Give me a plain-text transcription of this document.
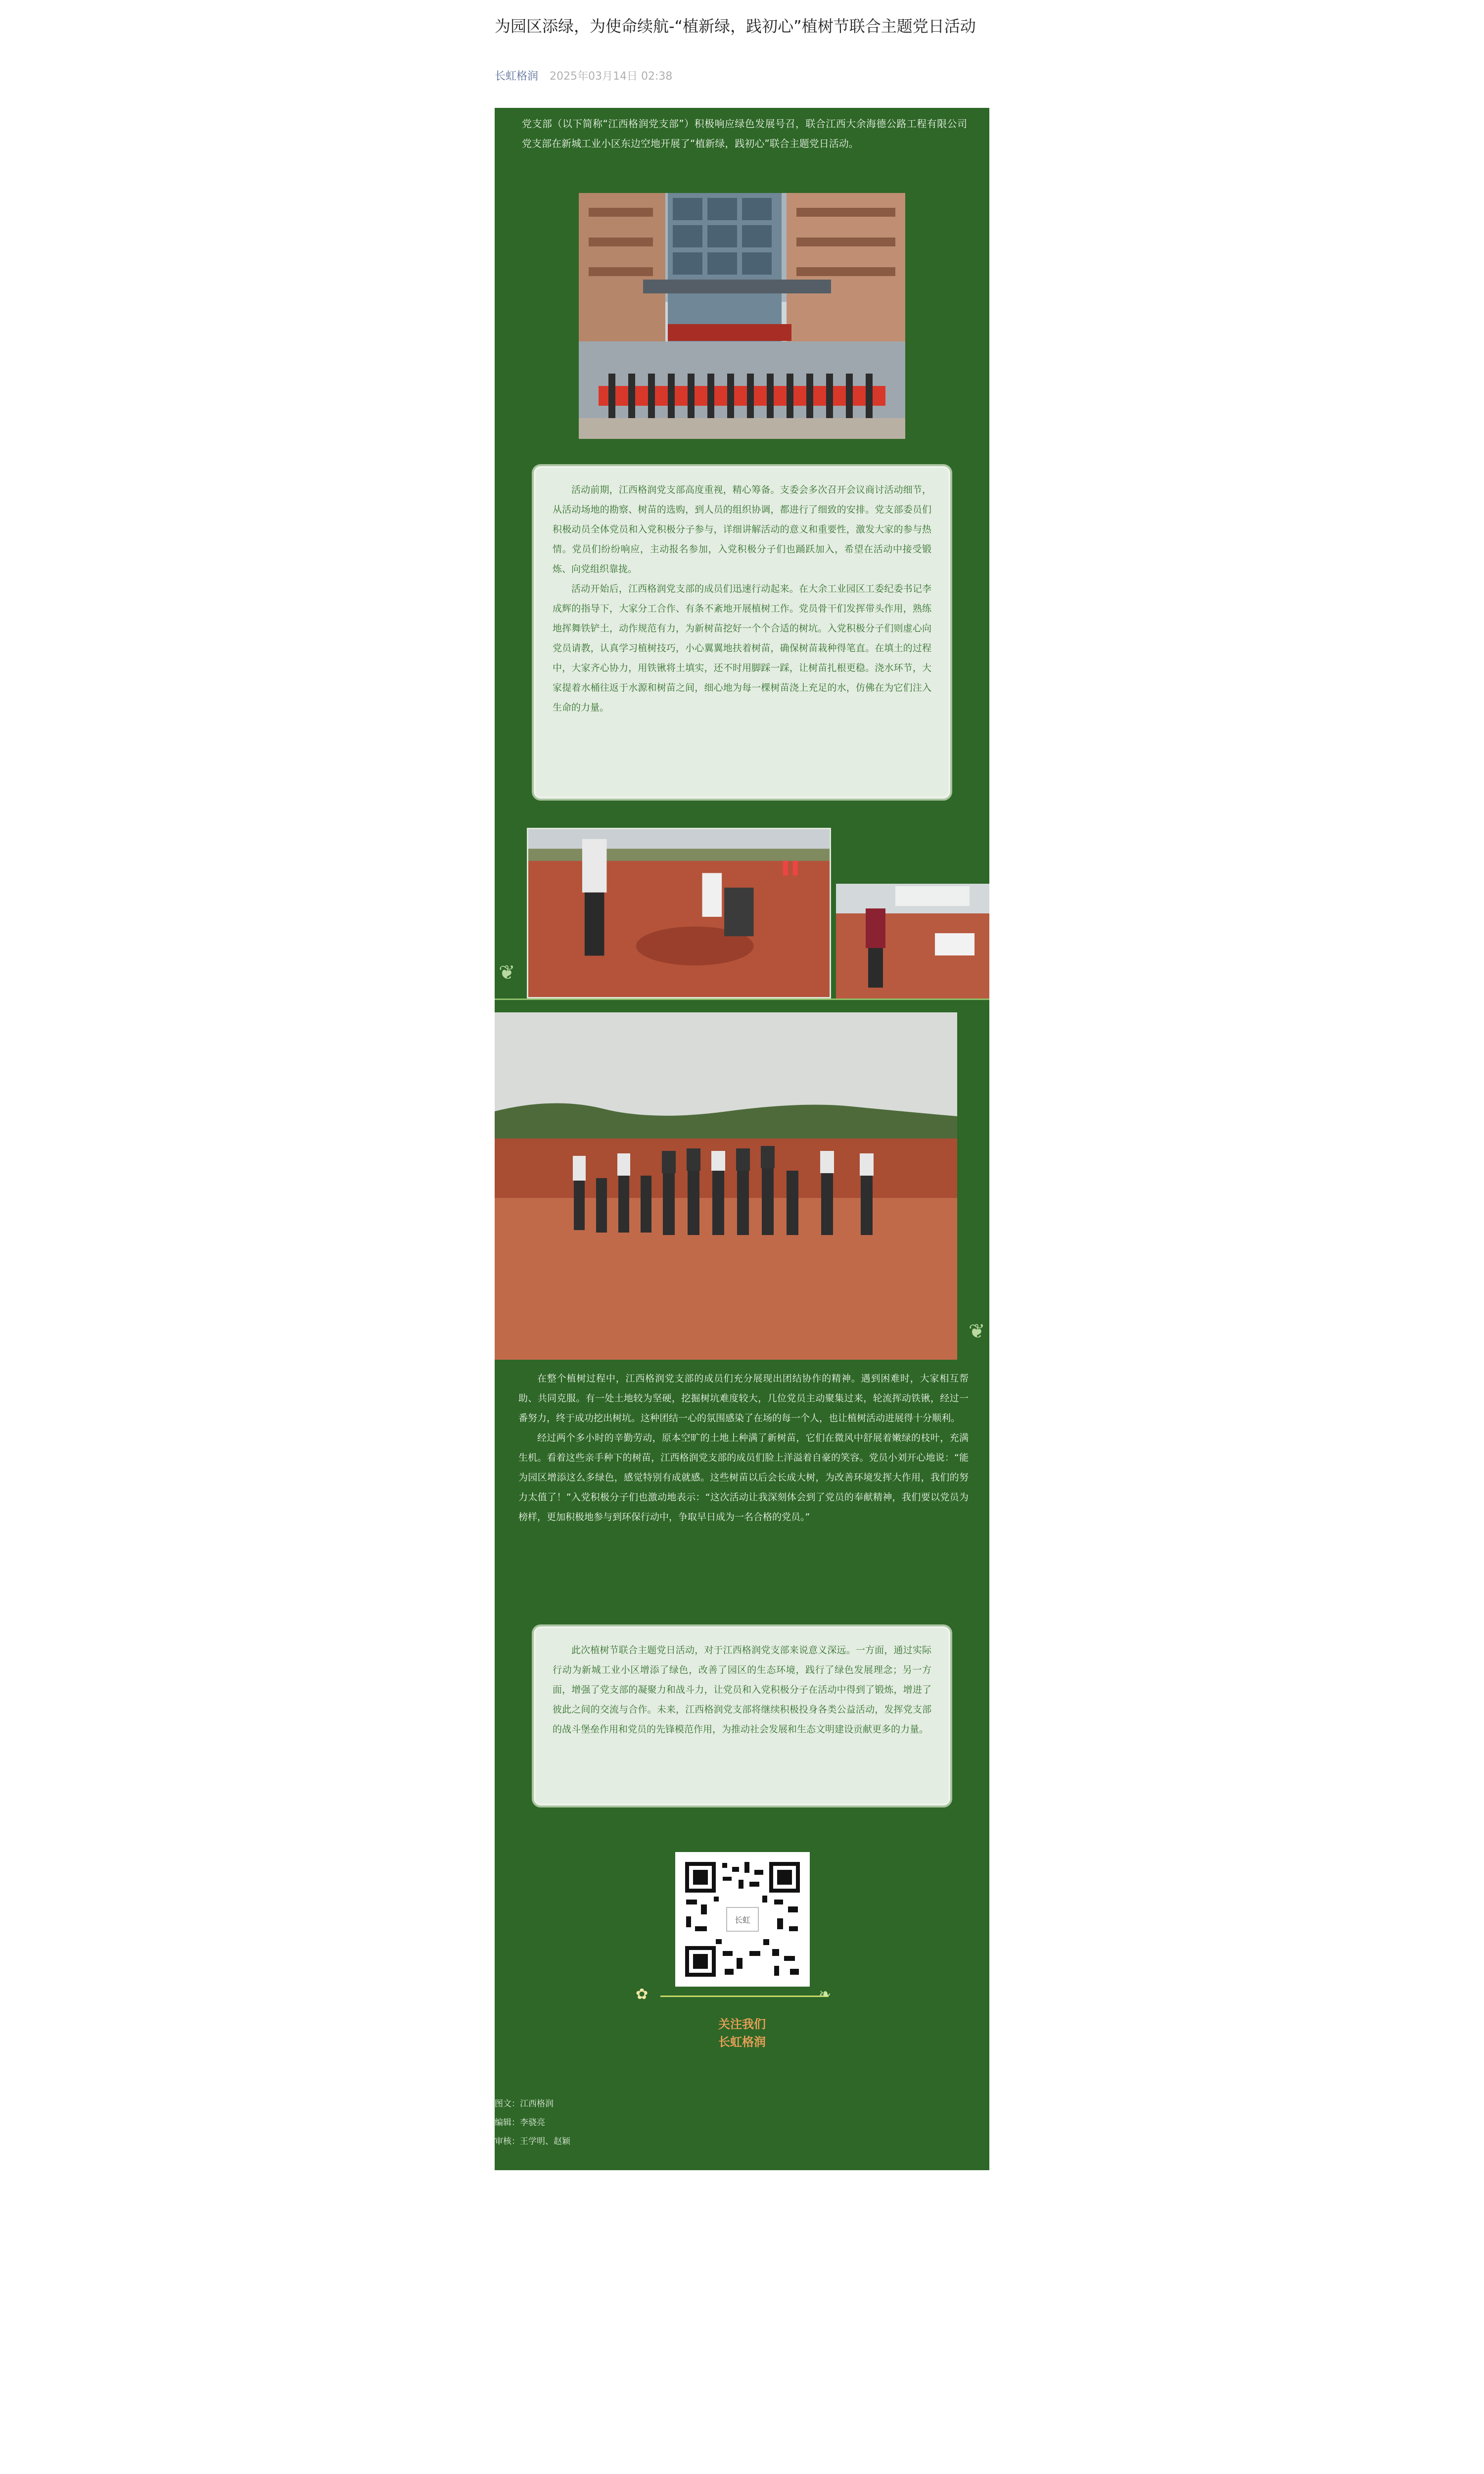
为园区添绿，为使命续航-“植新绿，践初心”植树节联合主题党日活动
长虹格润 2025年03月14日 02:38

党支部（以下简称“江西格润党支部”）积极响应绿色发展号召，联合江西大余海德公路工程有限公司党支部在新城工业小区东边空地开展了“植新绿，践初心”联合主题党日活动。

活动前期，江西格润党支部高度重视，精心筹备。支委会多次召开会议商讨活动细节，从活动场地的勘察、树苗的选购，到人员的组织协调，都进行了细致的安排。党支部委员们积极动员全体党员和入党积极分子参与，详细讲解活动的意义和重要性，激发大家的参与热情。党员们纷纷响应，主动报名参加，入党积极分子们也踊跃加入，希望在活动中接受锻炼、向党组织靠拢。

活动开始后，江西格润党支部的成员们迅速行动起来。在大余工业园区工委纪委书记李成辉的指导下，大家分工合作、有条不紊地开展植树工作。党员骨干们发挥带头作用，熟练地挥舞铁铲土，动作规范有力，为新树苗挖好一个个合适的树坑。入党积极分子们则虚心向党员请教，认真学习植树技巧，小心翼翼地扶着树苗，确保树苗栽种得笔直。在填土的过程中，大家齐心协力，用铁锹将土填实，还不时用脚踩一踩，让树苗扎根更稳。浇水环节，大家提着水桶往返于水源和树苗之间，细心地为每一棵树苗浇上充足的水，仿佛在为它们注入生命的力量。

❦
❦

在整个植树过程中，江西格润党支部的成员们充分展现出团结协作的精神。遇到困难时，大家相互帮助、共同克服。有一处土地较为坚硬，挖掘树坑难度较大，几位党员主动聚集过来，轮流挥动铁锹，经过一番努力，终于成功挖出树坑。这种团结一心的氛围感染了在场的每一个人，也让植树活动进展得十分顺利。

经过两个多小时的辛勤劳动，原本空旷的土地上种满了新树苗，它们在微风中舒展着嫩绿的枝叶，充满生机。看着这些亲手种下的树苗，江西格润党支部的成员们脸上洋溢着自豪的笑容。党员小刘开心地说：“能为园区增添这么多绿色，感觉特别有成就感。这些树苗以后会长成大树，为改善环境发挥大作用，我们的努力太值了！”入党积极分子们也激动地表示：“这次活动让我深刻体会到了党员的奉献精神，我们要以党员为榜样，更加积极地参与到环保行动中，争取早日成为一名合格的党员。”

此次植树节联合主题党日活动，对于江西格润党支部来说意义深远。一方面，通过实际行动为新城工业小区增添了绿色，改善了园区的生态环境，践行了绿色发展理念；另一方面，增强了党支部的凝聚力和战斗力，让党员和入党积极分子在活动中得到了锻炼，增进了彼此之间的交流与合作。未来，江西格润党支部将继续积极投身各类公益活动，发挥党支部的战斗堡垒作用和党员的先锋模范作用，为推动社会发展和生态文明建设贡献更多的力量。

长虹
✿	❧
关注我们
长虹格润
图文：江西格润
编辑：李骁亮
审核：王学明、赵颖
